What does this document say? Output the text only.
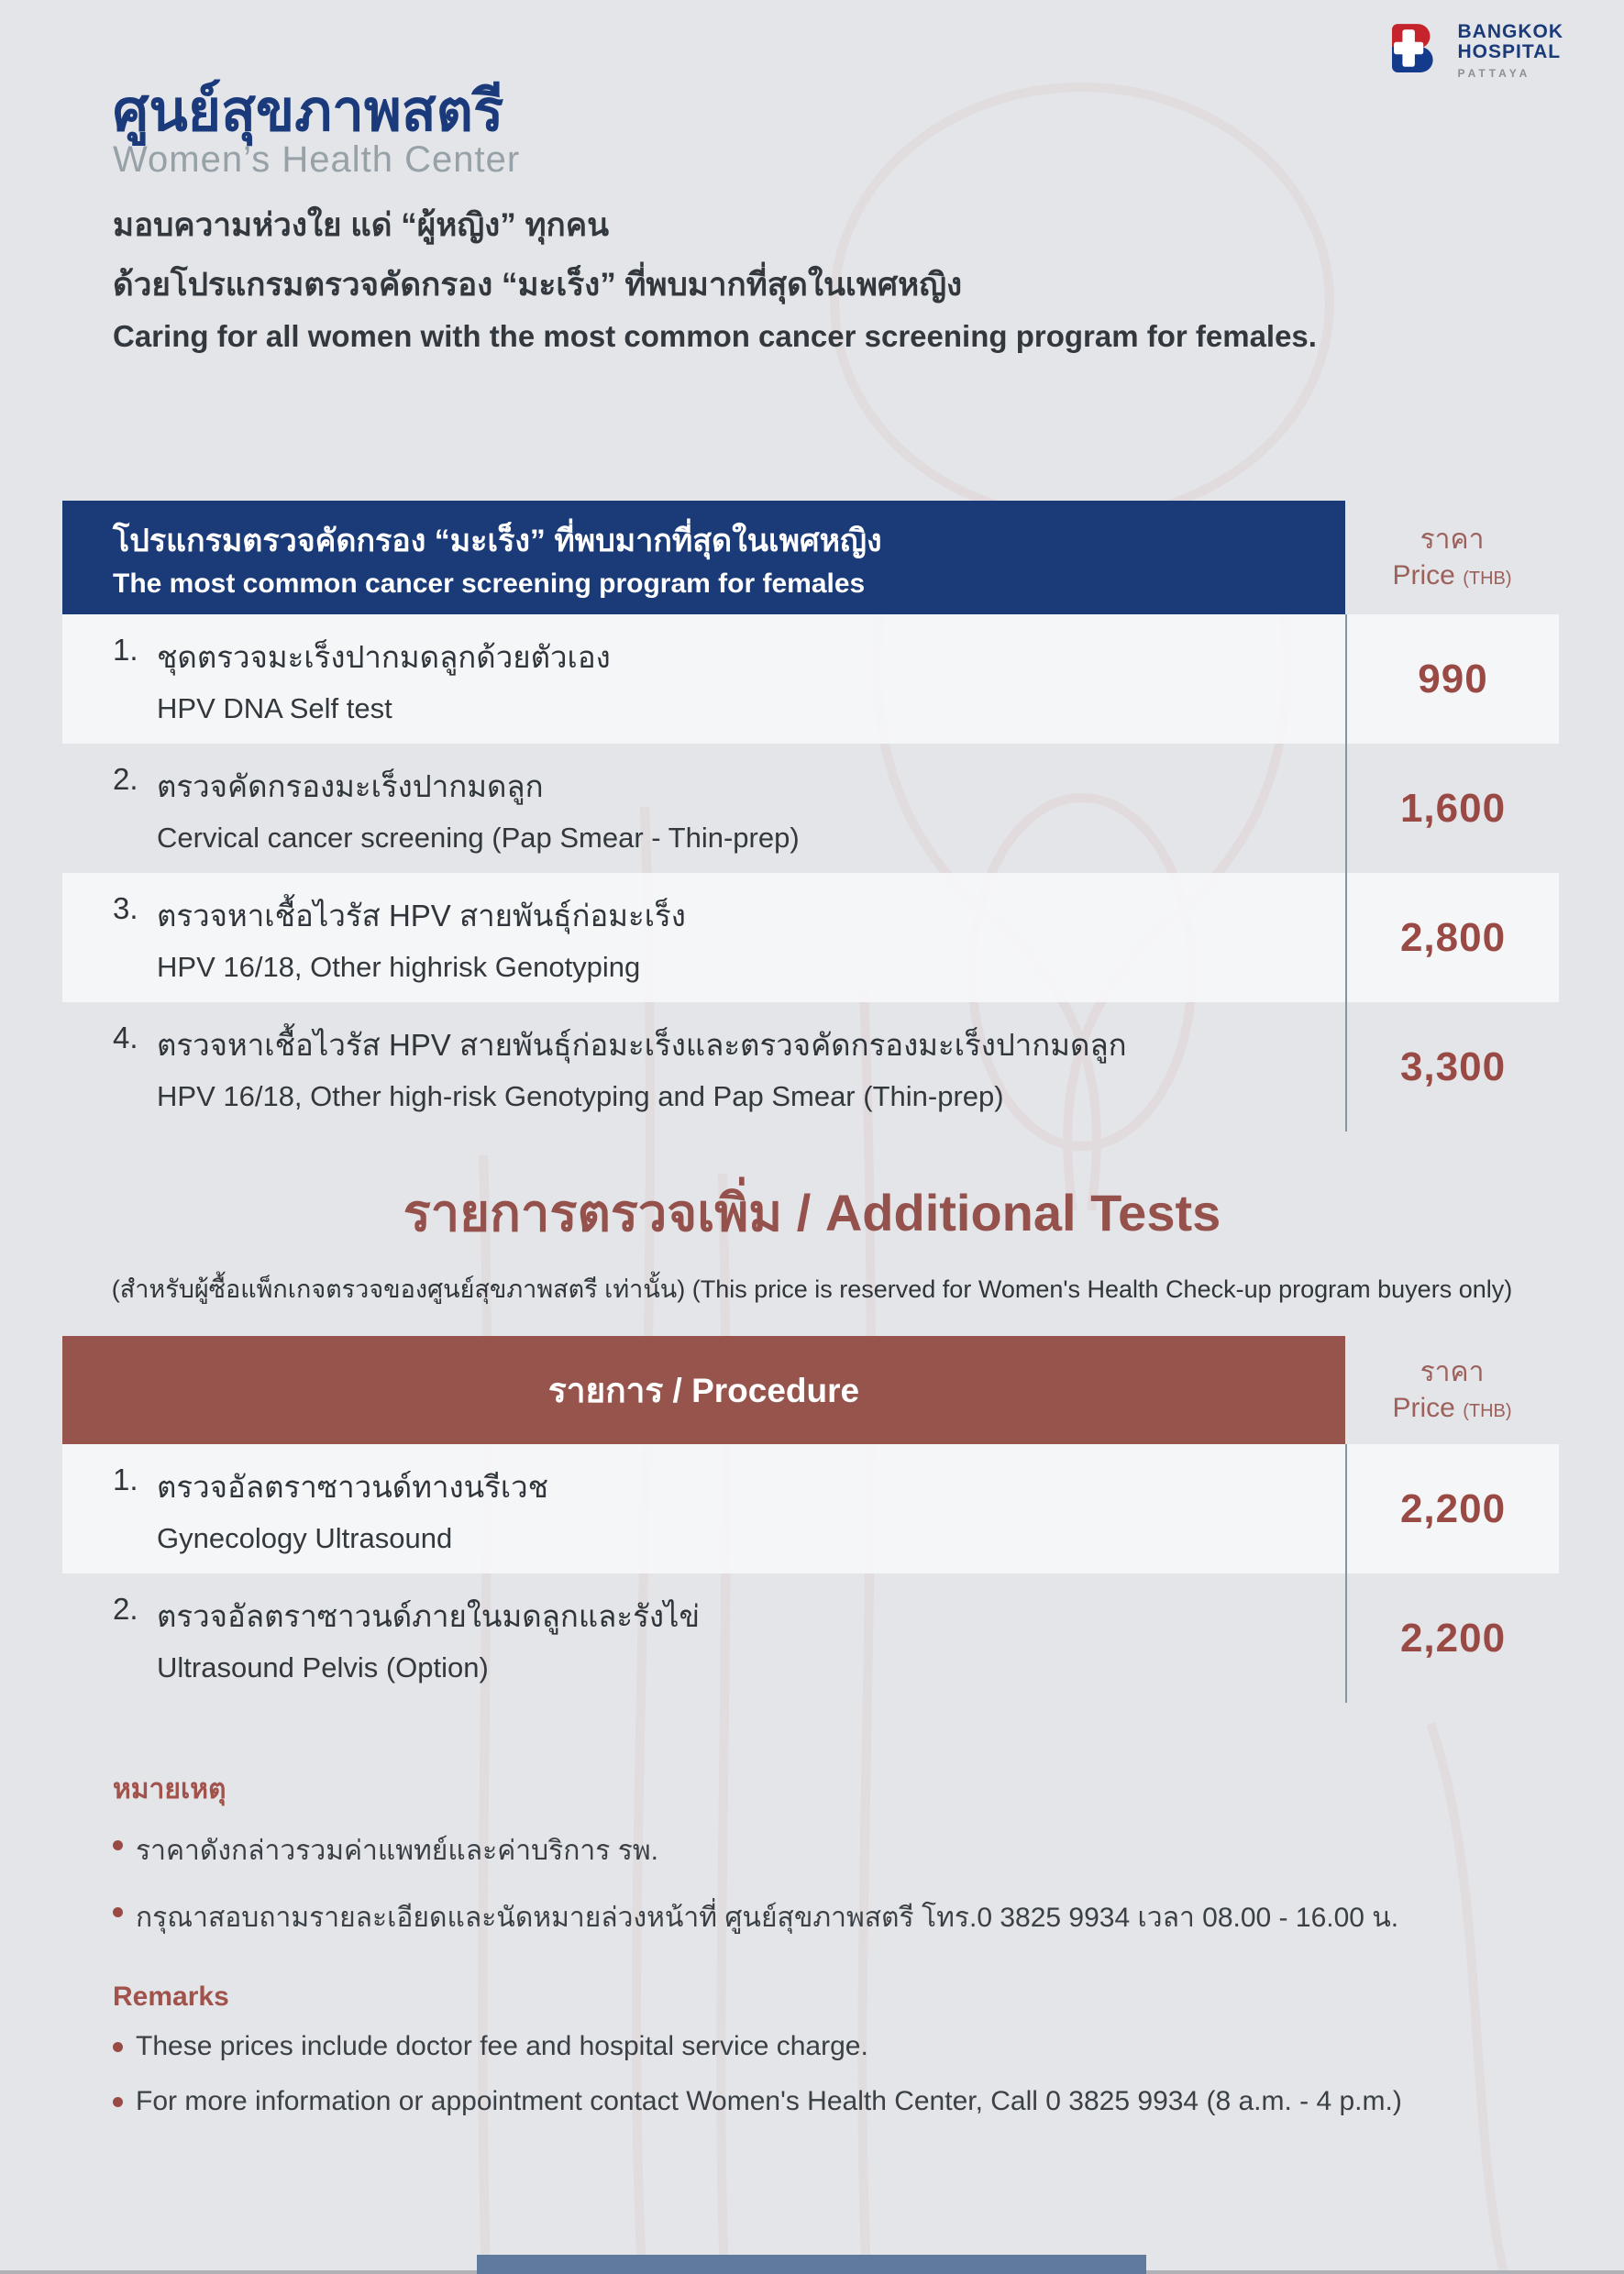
BANGKOK
HOSPITAL
PATTAYA
ศูนย์สุขภาพสตรี
Women’s Health Center

มอบความห่วงใย แด่ “ผู้หญิง” ทุกคน

ด้วยโปรแกรมตรวจคัดกรอง “มะเร็ง” ที่พบมากที่สุดในเพศหญิง

Caring for all women with the most common cancer screening program for females.

โปรแกรมตรวจคัดกรอง “มะเร็ง” ที่พบมากที่สุดในเพศหญิง
The most common cancer screening program for females
ราคา
Price (THB)
1. ชุดตรวจมะเร็งปากมดลูกด้วยตัวเอง
HPV DNA Self test
990
2. ตรวจคัดกรองมะเร็งปากมดลูก
Cervical cancer screening (Pap Smear - Thin-prep)
1,600
3. ตรวจหาเชื้อไวรัส HPV สายพันธุ์ก่อมะเร็ง
HPV 16/18, Other highrisk Genotyping
2,800
4. ตรวจหาเชื้อไวรัส HPV สายพันธุ์ก่อมะเร็งและตรวจคัดกรองมะเร็งปากมดลูก
HPV 16/18, Other high-risk Genotyping and Pap Smear (Thin-prep)
3,300
รายการตรวจเพิ่ม / Additional Tests

(สำหรับผู้ซื้อแพ็กเกจตรวจของศูนย์สุขภาพสตรี เท่านั้น) (This price is reserved for Women's Health Check-up program buyers only)

รายการ / Procedure	ราคา
Price (THB)
1. ตรวจอัลตราซาวนด์ทางนรีเวช
Gynecology Ultrasound
2,200
2. ตรวจอัลตราซาวนด์ภายในมดลูกและรังไข่
Ultrasound Pelvis (Option)
2,200
หมายเหตุ
ราคาดังกล่าวรวมค่าแพทย์และค่าบริการ รพ.
กรุณาสอบถามรายละเอียดและนัดหมายล่วงหน้าที่ ศูนย์สุขภาพสตรี โทร.0 3825 9934 เวลา 08.00 - 16.00 น.
Remarks
These prices include doctor fee and hospital service charge.
For more information or appointment contact Women's Health Center, Call 0 3825 9934 (8 a.m. - 4 p.m.)
